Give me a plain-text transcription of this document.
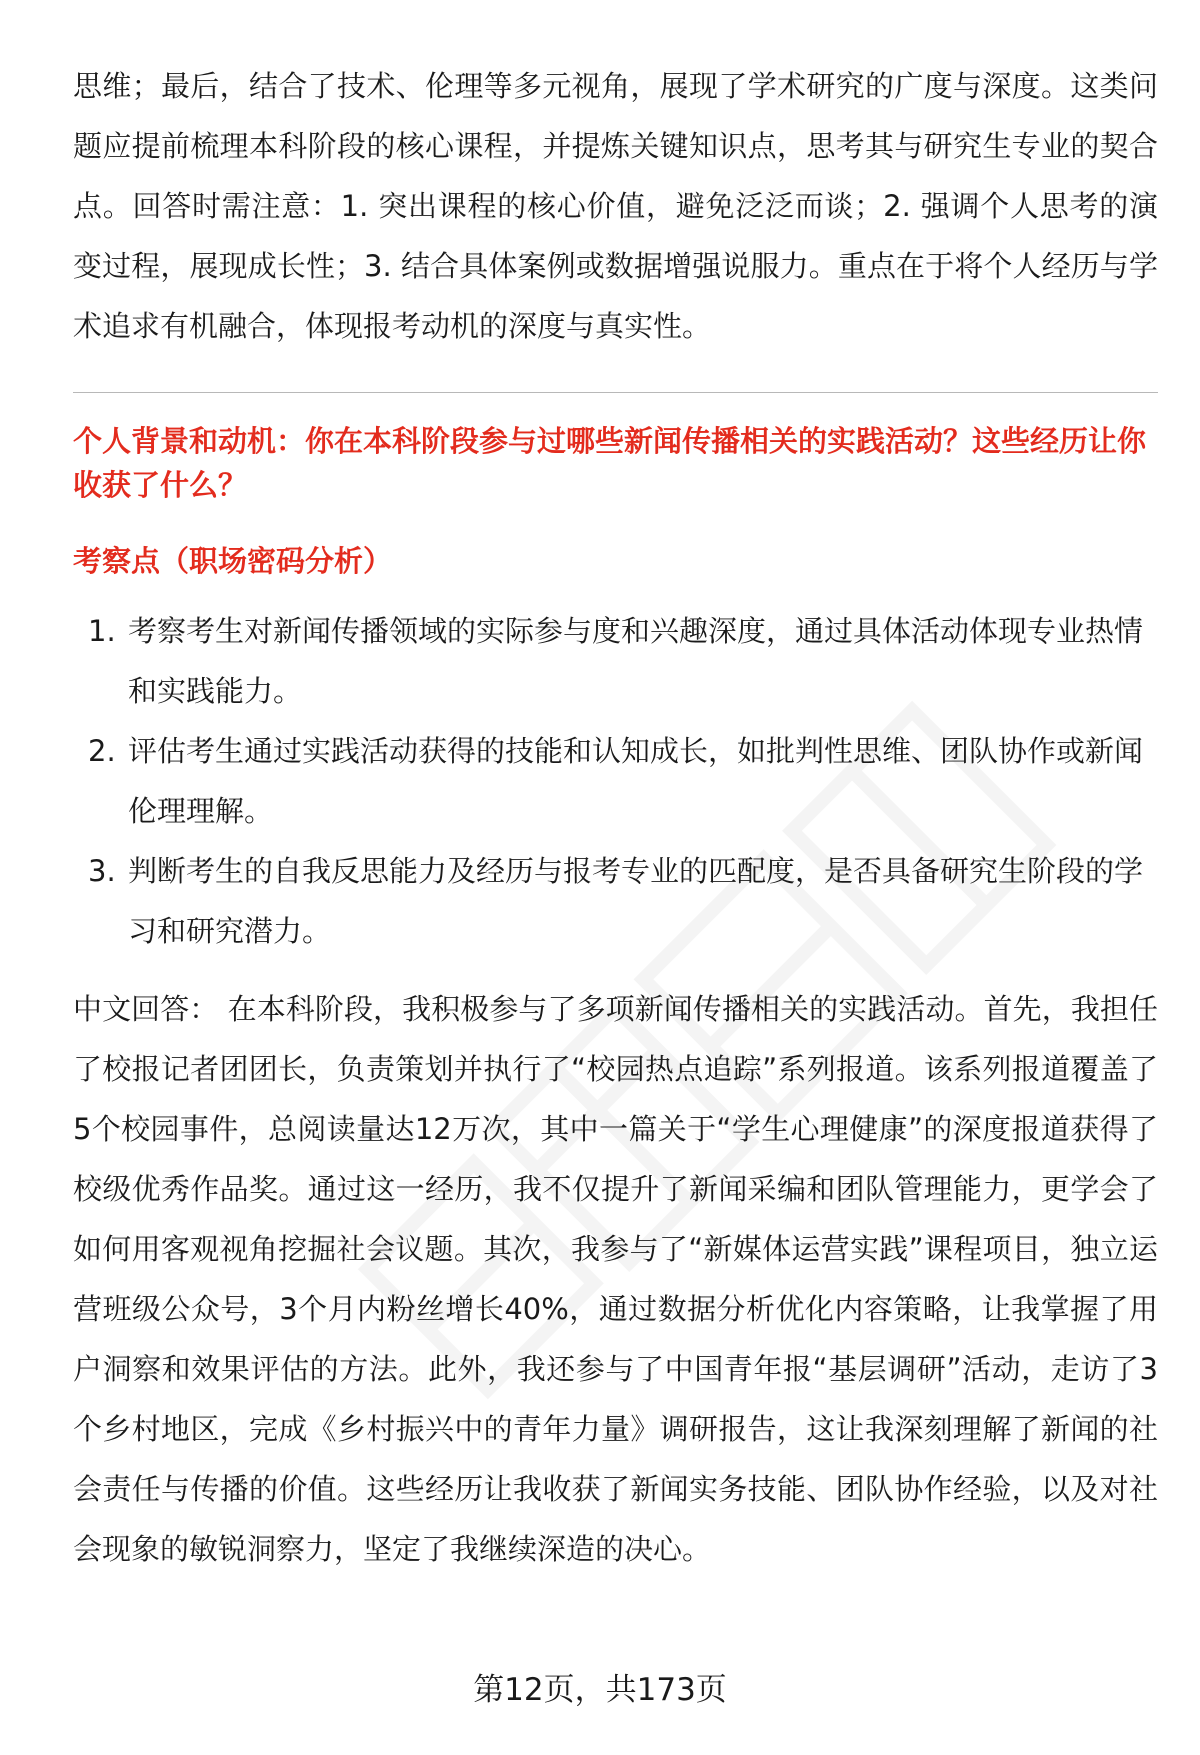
思维；最后，结合了技术、伦理等多元视角，展现了学术研究的广度与深度。这类问题应提前梳理本科阶段的核心课程，并提炼关键知识点，思考其与研究生专业的契合点。回答时需注意：1. 突出课程的核心价值，避免泛泛而谈；2. 强调个人思考的演变过程，展现成长性；3. 结合具体案例或数据增强说服力。重点在于将个人经历与学术追求有机融合，体现报考动机的深度与真实性。

个人背景和动机：你在本科阶段参与过哪些新闻传播相关的实践活动？这些经历让你收获了什么？

考察点（职场密码分析）

1. 考察考生对新闻传播领域的实际参与度和兴趣深度，通过具体活动体现专业热情和实践能力。
2. 评估考生通过实践活动获得的技能和认知成长，如批判性思维、团队协作或新闻伦理理解。
3. 判断考生的自我反思能力及经历与报考专业的匹配度，是否具备研究生阶段的学习和研究潜力。

中文回答： 在本科阶段，我积极参与了多项新闻传播相关的实践活动。首先，我担任了校报记者团团长，负责策划并执行了“校园热点追踪”系列报道。该系列报道覆盖了5个校园事件，总阅读量达12万次，其中一篇关于“学生心理健康”的深度报道获得了校级优秀作品奖。通过这一经历，我不仅提升了新闻采编和团队管理能力，更学会了如何用客观视角挖掘社会议题。其次，我参与了“新媒体运营实践”课程项目，独立运营班级公众号，3个月内粉丝增长40%，通过数据分析优化内容策略，让我掌握了用户洞察和效果评估的方法。此外，我还参与了中国青年报“基层调研”活动，走访了3个乡村地区，完成《乡村振兴中的青年力量》调研报告，这让我深刻理解了新闻的社会责任与传播的价值。这些经历让我收获了新闻实务技能、团队协作经验，以及对社会现象的敏锐洞察力，坚定了我继续深造的决心。

第12页，共173页
